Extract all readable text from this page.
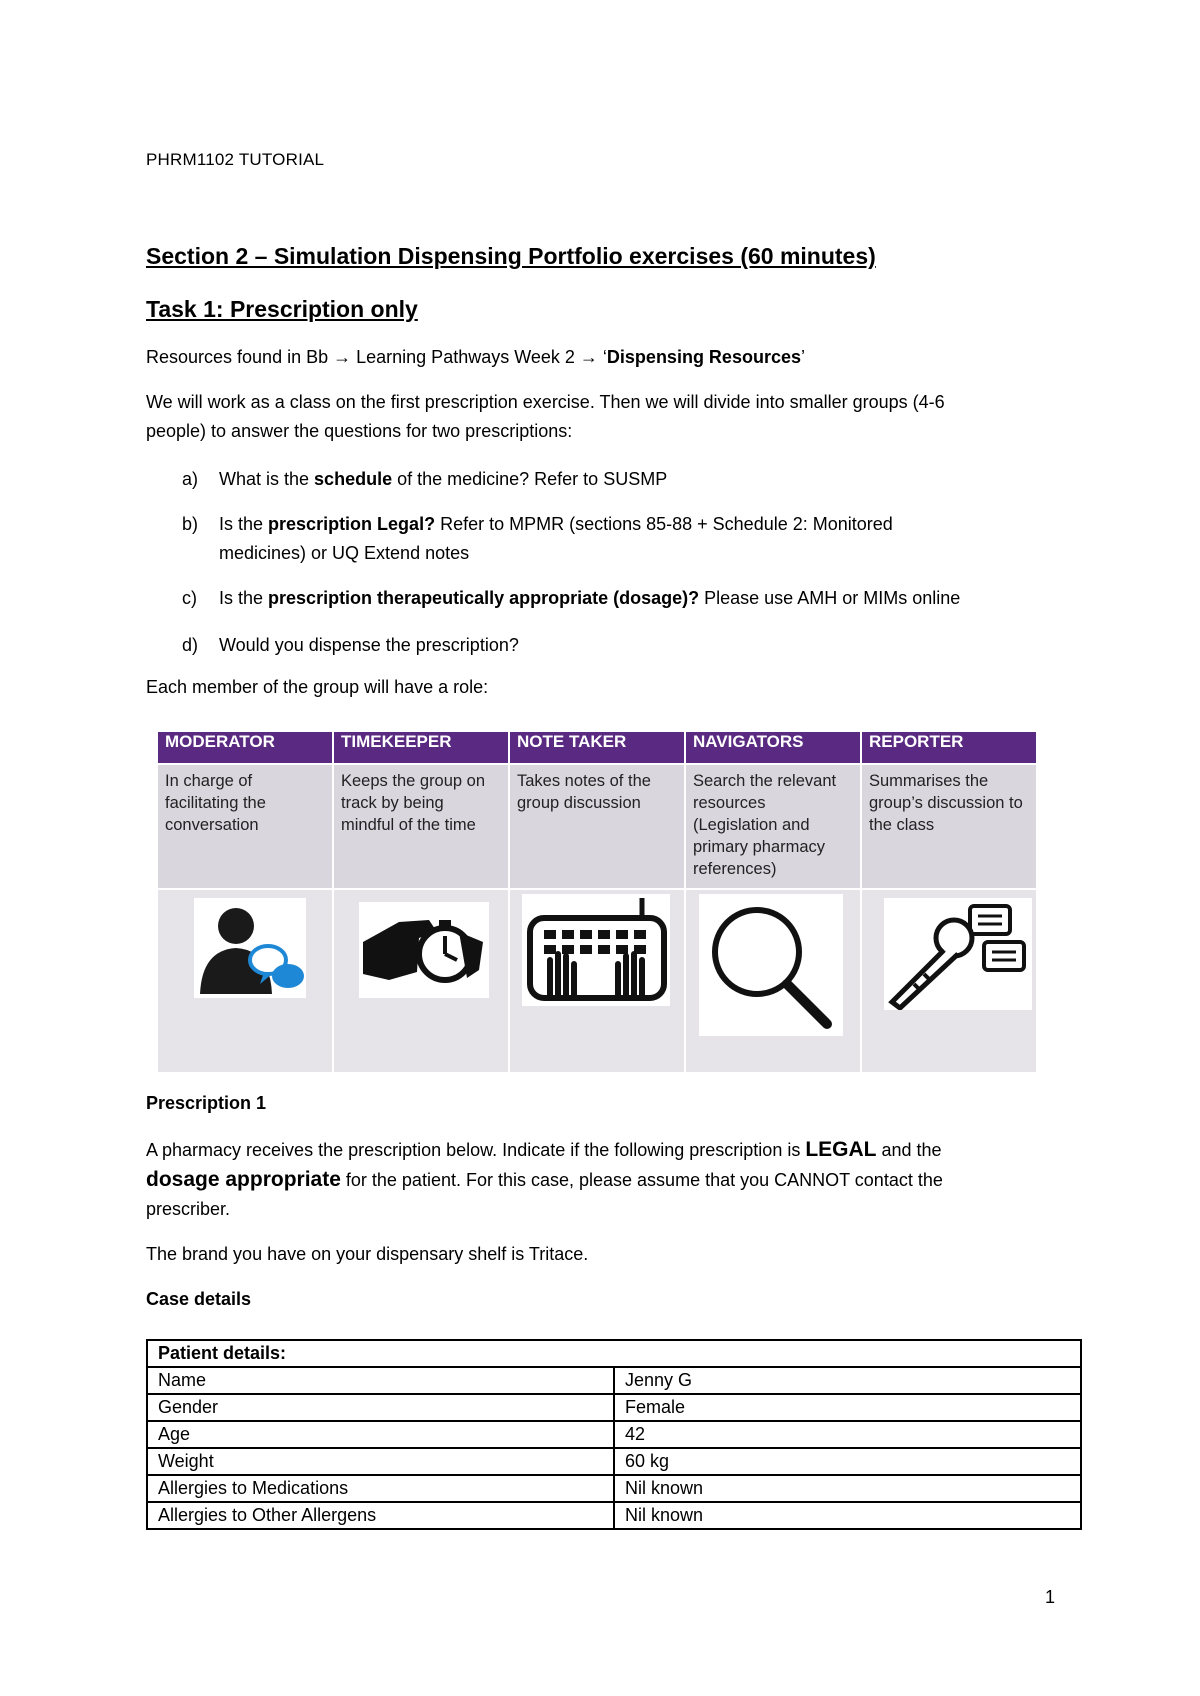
PHRM1102 TUTORIAL
Section 2 – Simulation Dispensing Portfolio exercises (60 minutes)
Task 1: Prescription only
Resources found in Bb → Learning Pathways Week 2 → ‘Dispensing Resources’
We will work as a class on the first prescription exercise. Then we will divide into smaller groups (4-6
people) to answer the questions for two prescriptions:
a) What is the schedule of the medicine? Refer to SUSMP
b) Is the prescription Legal? Refer to MPMR (sections 85-88 + Schedule 2: Monitored
medicines) or UQ Extend notes
c) Is the prescription therapeutically appropriate (dosage)? Please use AMH or MIMs online
d) Would you dispense the prescription?
Each member of the group will have a role:
MODERATOR	TIMEKEEPER	NOTE TAKER	NAVIGATORS	REPORTER
In charge of facilitating the conversation	Keeps the group on track by being mindful of the time	Takes notes of the group discussion	Search the relevant resources (Legislation and primary pharmacy references)	Summarises the group’s discussion to the class

Prescription 1
A pharmacy receives the prescription below. Indicate if the following prescription is LEGAL and the
dosage appropriate for the patient. For this case, please assume that you CANNOT contact the
prescriber.
The brand you have on your dispensary shelf is Tritace.
Case details
Patient details:	
Name	Jenny G
Gender	Female
Age	42
Weight	60 kg
Allergies to Medications	Nil known
Allergies to Other Allergens	Nil known
1
